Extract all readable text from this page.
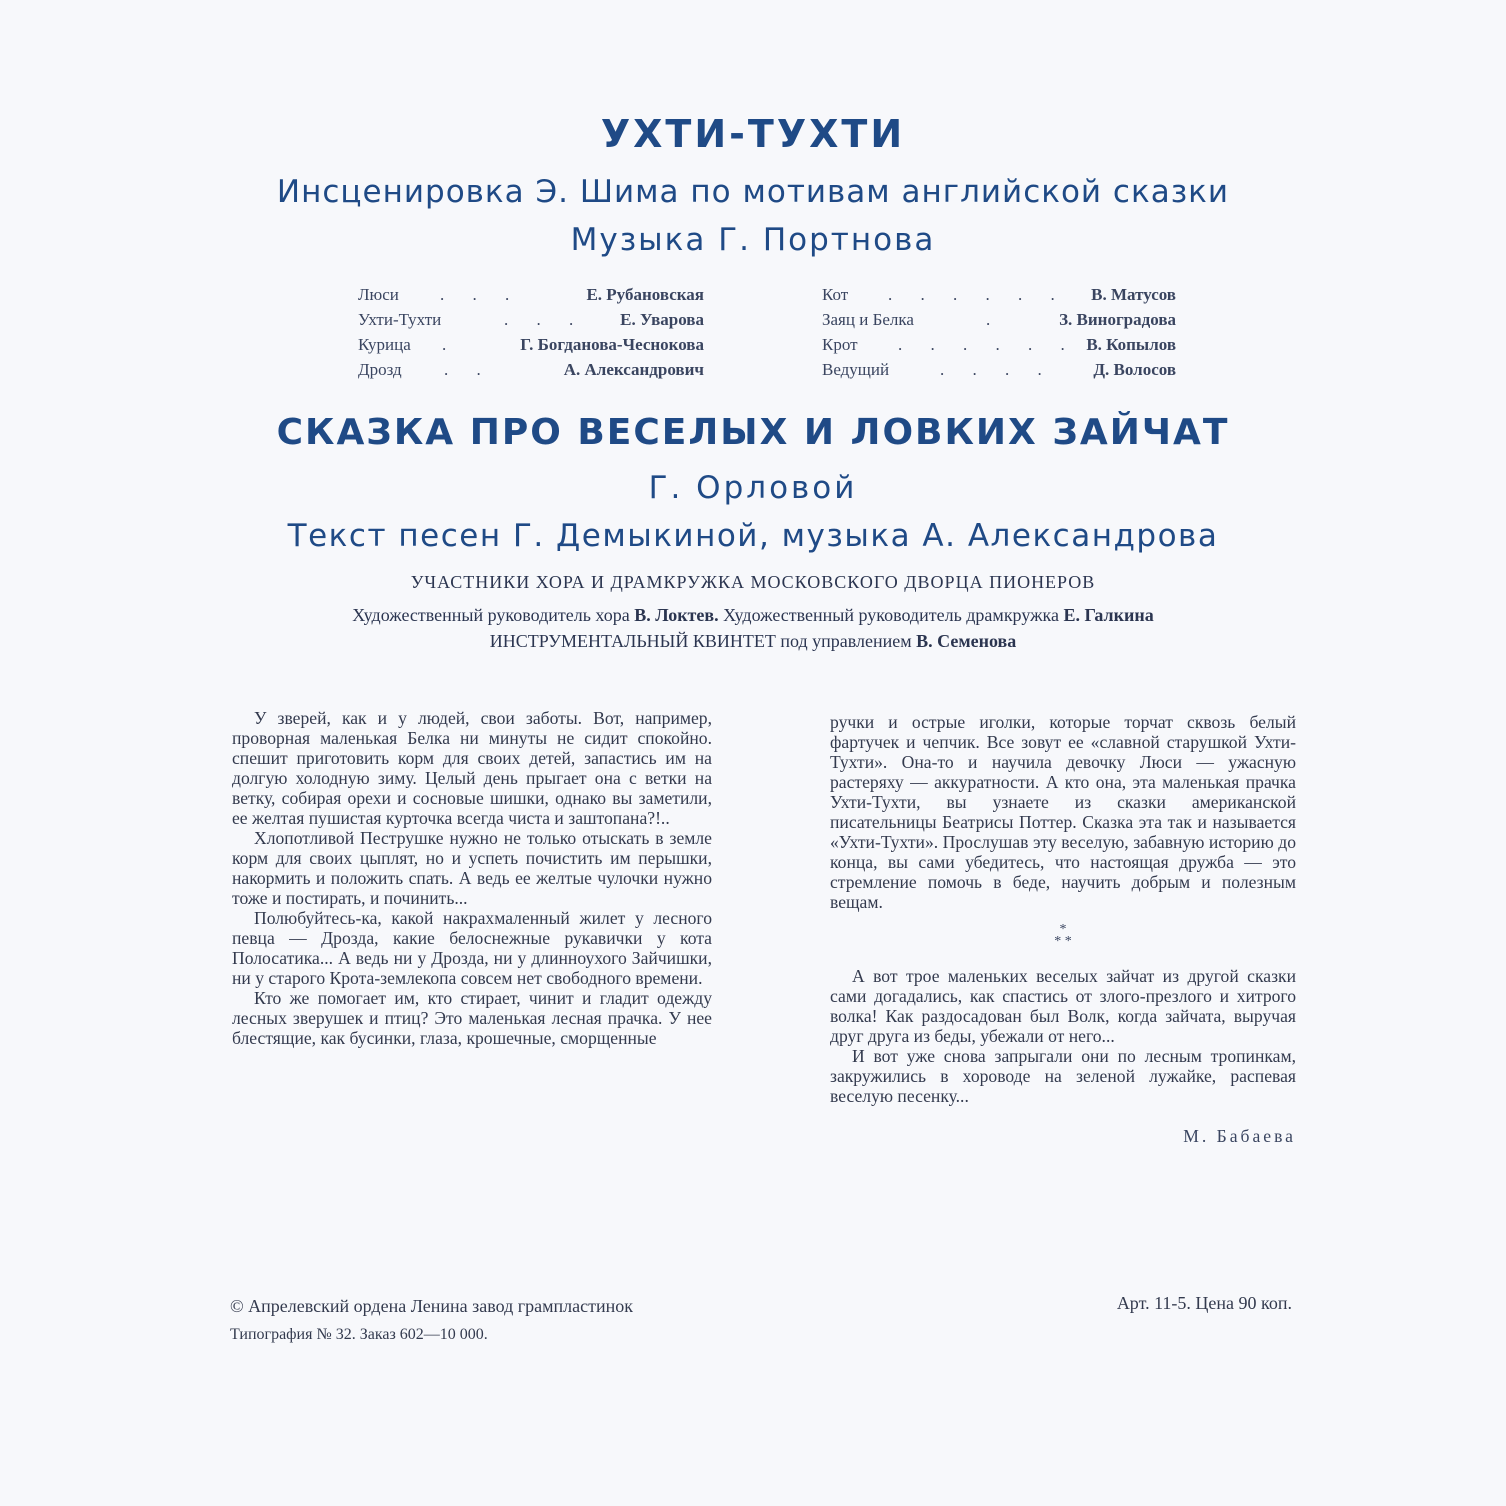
УХТИ-ТУХТИ
Инсценировка Э. Шима по мотивам английской сказки
Музыка Г. Портнова
Люси . . .	Е. Рубановская
Ухти-Тухти	. . . Е. Уварова
Курица .	Г. Богданова-Чеснокова
Дрозд . .	А. Александрович
Кот . . . . . . В. Матусов
Заяц и Белка	.	З. Виноградова
Крот . . . . . . В. Копылов
Ведущий	. . . . Д. Волосов
СКАЗКА ПРО ВЕСЕЛЫХ И ЛОВКИХ ЗАЙЧАТ
Г. Орловой
Текст песен Г. Демыкиной, музыка А. Александрова
УЧАСТНИКИ ХОРА И ДРАМКРУЖКА МОСКОВСКОГО ДВОРЦА ПИОНЕРОВ
Художественный руководитель хора В. Локтев. Художественный руководитель драмкружка Е. Галкина
ИНСТРУМЕНТАЛЬНЫЙ КВИНТЕТ под управлением В. Семенова

У зверей, как и у людей, свои заботы. Вот, например, проворная маленькая Белка ни минуты не сидит спокойно. спешит приготовить корм для своих детей, запастись им на долгую холодную зиму. Целый день прыгает она с ветки на ветку, собирая орехи и сосновые шишки, однако вы заметили, ее желтая пушистая курточка всегда чиста и заштопана?!..

Хлопотливой Пеструшке нужно не только отыскать в земле корм для своих цыплят, но и успеть почистить им перышки, накормить и положить спать. А ведь ее желтые чулочки нужно тоже и постирать, и починить...

Полюбуйтесь-ка, какой накрахмаленный жилет у лесного певца — Дрозда, какие белоснежные рукавички у кота Полосатика... А ведь ни у Дрозда, ни у длинноухого Зайчишки, ни у старого Крота-землекопа совсем нет свободного времени.

Кто же помогает им, кто стирает, чинит и гладит одежду лесных зверушек и птиц? Это маленькая лесная прачка. У нее блестящие, как бусинки, глаза, крошечные, сморщенные

ручки и острые иголки, которые торчат сквозь белый фартучек и чепчик. Все зовут ее «славной старушкой Ухти-Тухти». Она-то и научила девочку Люси — ужасную растеряху — аккуратности. А кто она, эта маленькая прачка Ухти-Тухти, вы узнаете из сказки американской писательницы Беатрисы Поттер. Сказка эта так и называется «Ухти-Тухти». Прослушав эту веселую, забавную историю до конца, вы сами убедитесь, что настоящая дружба — это стремление помочь в беде, научить добрым и полезным вещам.

*
* *

А вот трое маленьких веселых зайчат из другой сказки сами догадались, как спастись от злого-презлого и хитрого волка! Как раздосадован был Волк, когда зайчата, выручая друг друга из беды, убежали от него...

И вот уже снова запрыгали они по лесным тропинкам, закружились в хороводе на зеленой лужайке, распевая веселую песенку...

М. Бабаева
© Апрелевский ордена Ленина завод грампластинок
Типография № 32. Заказ 602—10 000.
Арт. 11-5. Цена 90 коп.
